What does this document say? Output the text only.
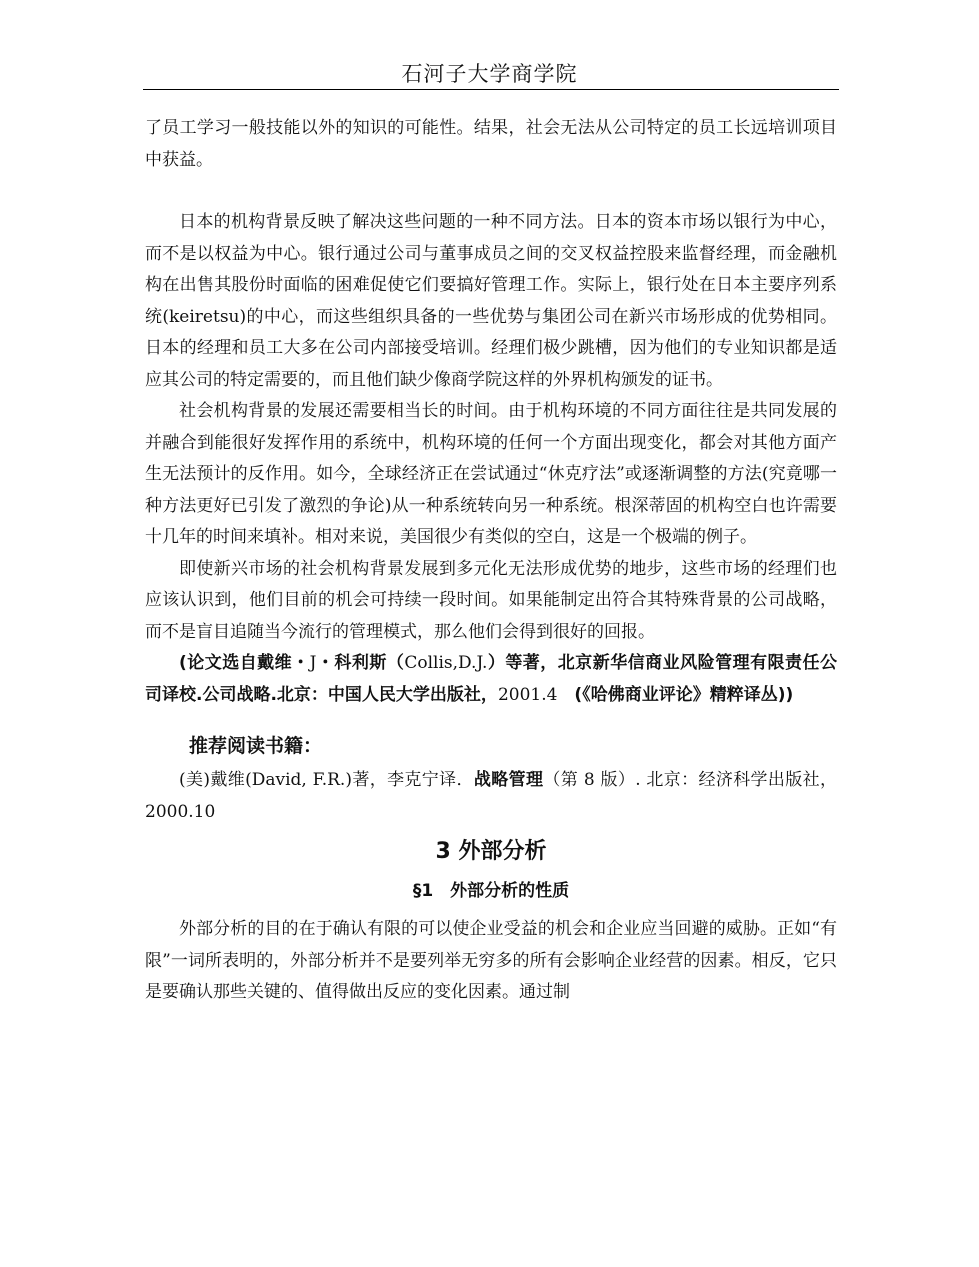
石河子大学商学院

了员工学习一般技能以外的知识的可能性。结果，社会无法从公司特定的员工长远培训项目中获益。

日本的机构背景反映了解决这些问题的一种不同方法。日本的资本市场以银行为中心，而不是以权益为中心。银行通过公司与董事成员之间的交叉权益控股来监督经理，而金融机构在出售其股份时面临的困难促使它们要搞好管理工作。实际上，银行处在日本主要序列系统(keiretsu)的中心，而这些组织具备的一些优势与集团公司在新兴市场形成的优势相同。日本的经理和员工大多在公司内部接受培训。经理们极少跳槽，因为他们的专业知识都是适应其公司的特定需要的，而且他们缺少像商学院这样的外界机构颁发的证书。

社会机构背景的发展还需要相当长的时间。由于机构环境的不同方面往往是共同发展的并融合到能很好发挥作用的系统中，机构环境的任何一个方面出现变化，都会对其他方面产生无法预计的反作用。如今，全球经济正在尝试通过“休克疗法”或逐渐调整的方法(究竟哪一种方法更好已引发了激烈的争论)从一种系统转向另一种系统。根深蒂固的机构空白也许需要十几年的时间来填补。相对来说，美国很少有类似的空白，这是一个极端的例子。

即使新兴市场的社会机构背景发展到多元化无法形成优势的地步，这些市场的经理们也应该认识到，他们目前的机会可持续一段时间。如果能制定出符合其特殊背景的公司战略，而不是盲目追随当今流行的管理模式，那么他们会得到很好的回报。

(论文选自戴维・J・科利斯（Collis,D.J.）等著，北京新华信商业风险管理有限责任公司译校.公司战略.北京：中国人民大学出版社，2001.4　(《哈佛商业评论》精粹译丛))

推荐阅读书籍：

(美)戴维(David, F.R.)著，李克宁译．战略管理（第 8 版）. 北京：经济科学出版社，2000.10

3 外部分析
§1　外部分析的性质

外部分析的目的在于确认有限的可以使企业受益的机会和企业应当回避的威胁。正如“有限”一词所表明的，外部分析并不是要列举无穷多的所有会影响企业经营的因素。相反，它只是要确认那些关键的、值得做出反应的变化因素。通过制
